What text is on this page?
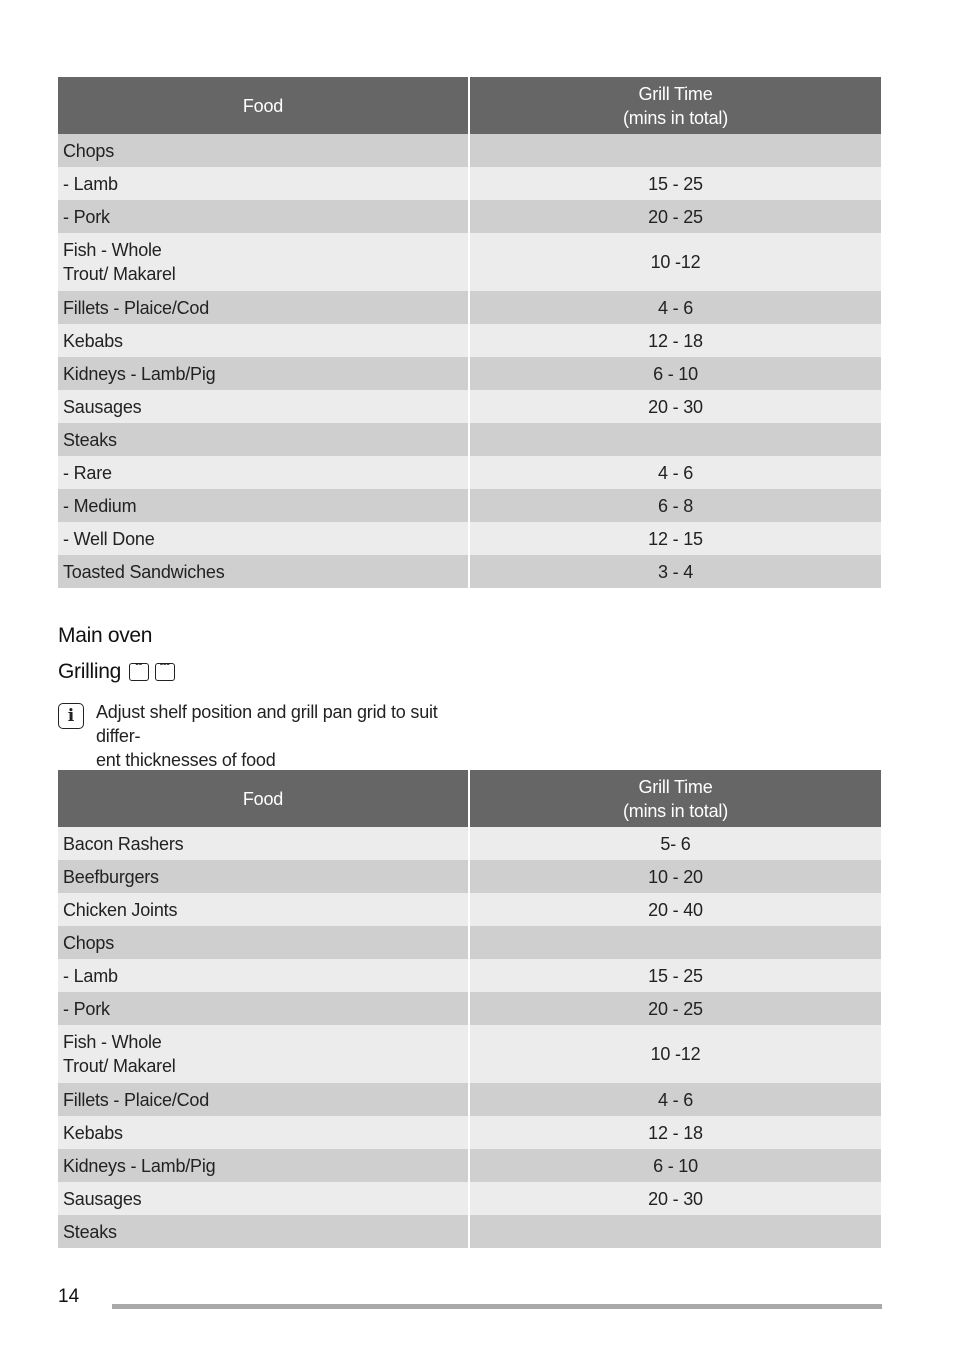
Food	Grill Time
(mins in total)

Chops	
- Lamb	15 - 25
- Pork	20 - 25
Fish - Whole
Trout/ Makarel	10 -12
Fillets - Plaice/Cod	4 - 6
Kebabs	12 - 18
Kidneys - Lamb/Pig	6 - 10
Sausages	20 - 30
Steaks	
- Rare	4 - 6
- Medium	6 - 8
- Well Done	12 - 15
Toasted Sandwiches	3 - 4
Main oven
Grilling	˘˘	˘˘˘
i Adjust shelf position and grill pan grid to suit differ-
ent thicknesses of food
Food	Grill Time
(mins in total)

Bacon Rashers	5- 6
Beefburgers	10 - 20
Chicken Joints	20 - 40
Chops	
- Lamb	15 - 25
- Pork	20 - 25
Fish - Whole
Trout/ Makarel	10 -12
Fillets - Plaice/Cod	4 - 6
Kebabs	12 - 18
Kidneys - Lamb/Pig	6 - 10
Sausages	20 - 30
Steaks	
14
